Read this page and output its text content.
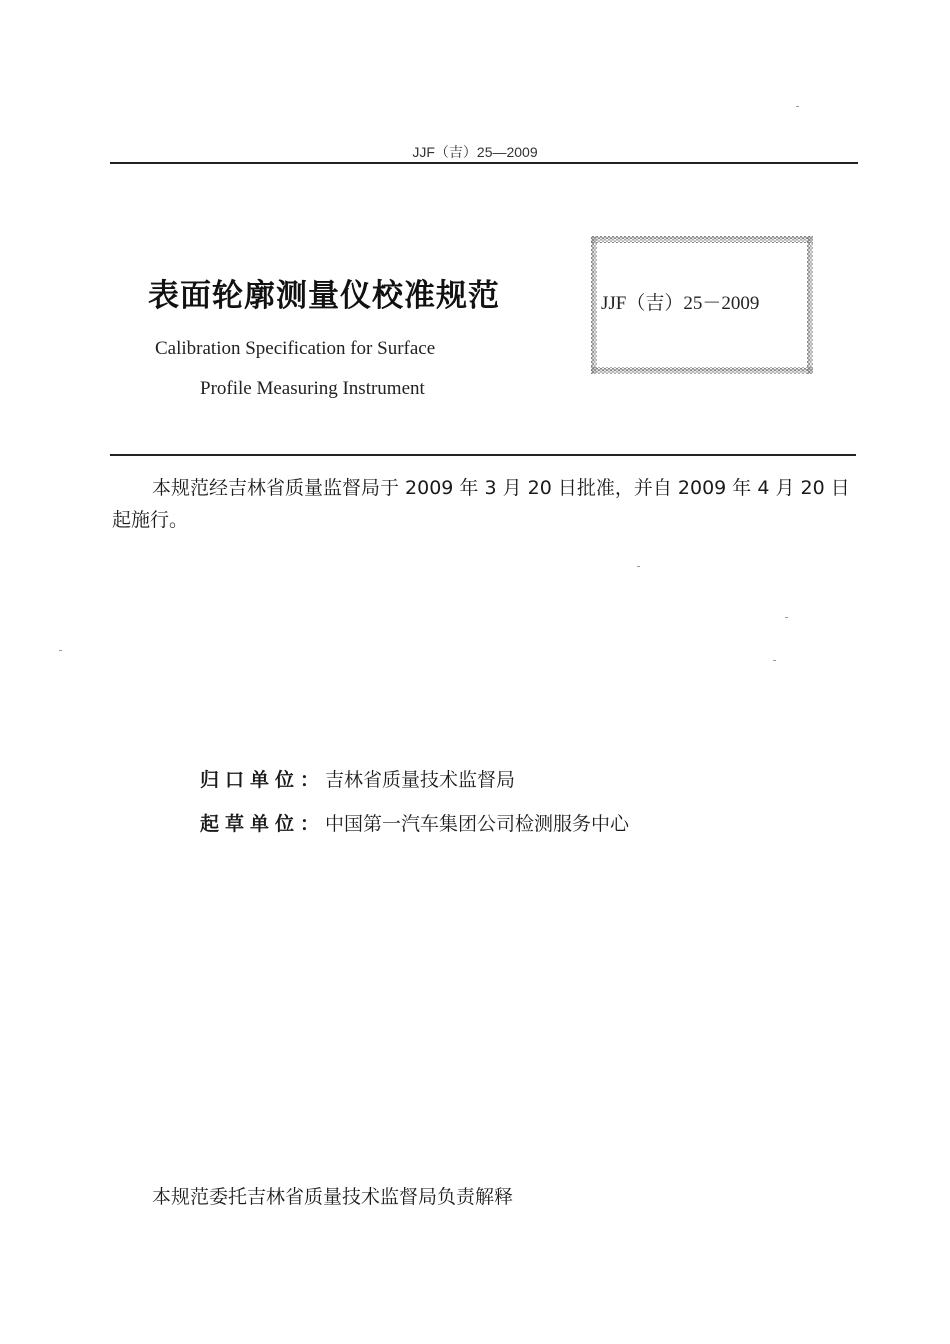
JJF（吉）25—2009
表面轮廓测量仪校准规范
Calibration Specification for Surface
Profile Measuring Instrument
JJF（吉）25－2009
本规范经吉林省质量监督局于 2009 年 3 月 20 日批准，并自 2009 年 4 月 20 日起施行。
归口单位：吉林省质量技术监督局
起草单位：中国第一汽车集团公司检测服务中心
本规范委托吉林省质量技术监督局负责解释
